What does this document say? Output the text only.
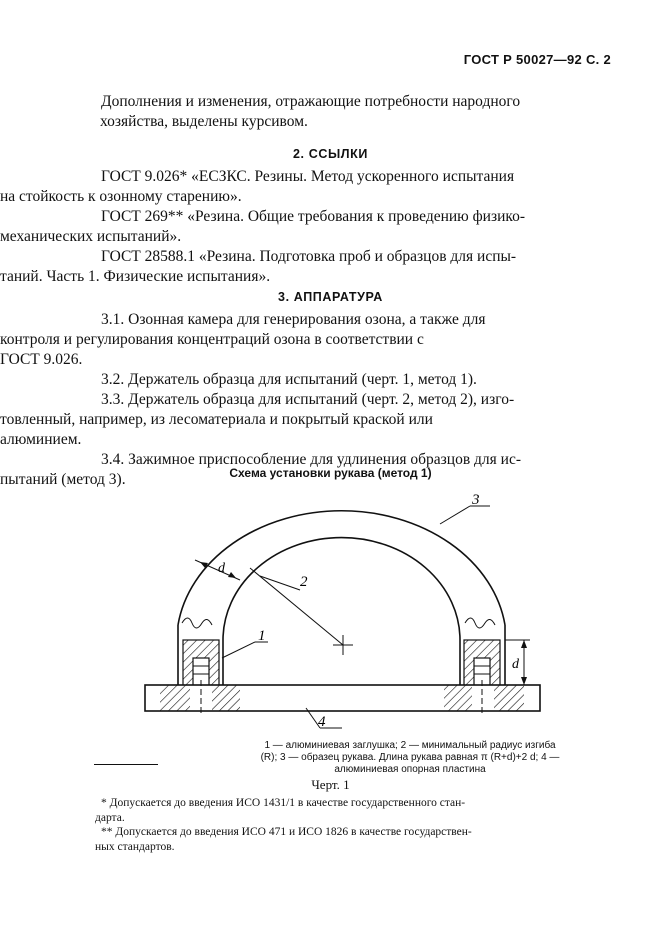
ГОСТ Р 50027—92 С. 2
Дополнения и изменения, отражающие потребности народного
хозяйства, выделены курсивом.
2. ССЫЛКИ
ГОСТ 9.026* «ЕСЗКС. Резины. Метод ускоренного испытания
на стойкость к озонному старению».
ГОСТ 269** «Резина. Общие требования к проведению физико-
механических испытаний».
ГОСТ 28588.1 «Резина. Подготовка проб и образцов для испы-
таний. Часть 1. Физические испытания».
3. АППАРАТУРА
3.1. Озонная камера для генерирования озона, а также для
контроля и регулирования концентраций озона в соответствии с
ГОСТ 9.026.
3.2. Держатель образца для испытаний (черт. 1, метод 1).
3.3. Держатель образца для испытаний (черт. 2, метод 2), изго-
товленный, например, из лесоматериала и покрытый краской или
алюминием.
3.4. Зажимное приспособление для удлинения образцов для ис-
пытаний (метод 3).	Схема установки рукава (метод 1)
d
2
3
1
4
d
1 — алюминиевая заглушка; 2 — минимальный радиус изгиба
(R); 3 — образец рукава. Длина рукава равная π (R+d)+2 d; 4 —
алюминиевая опорная пластина
Черт. 1
* Допускается до введения ИСО 1431/1 в качестве государственного стан-
дарта.
** Допускается до введения ИСО 471 и ИСО 1826 в качестве государствен-
ных стандартов.
